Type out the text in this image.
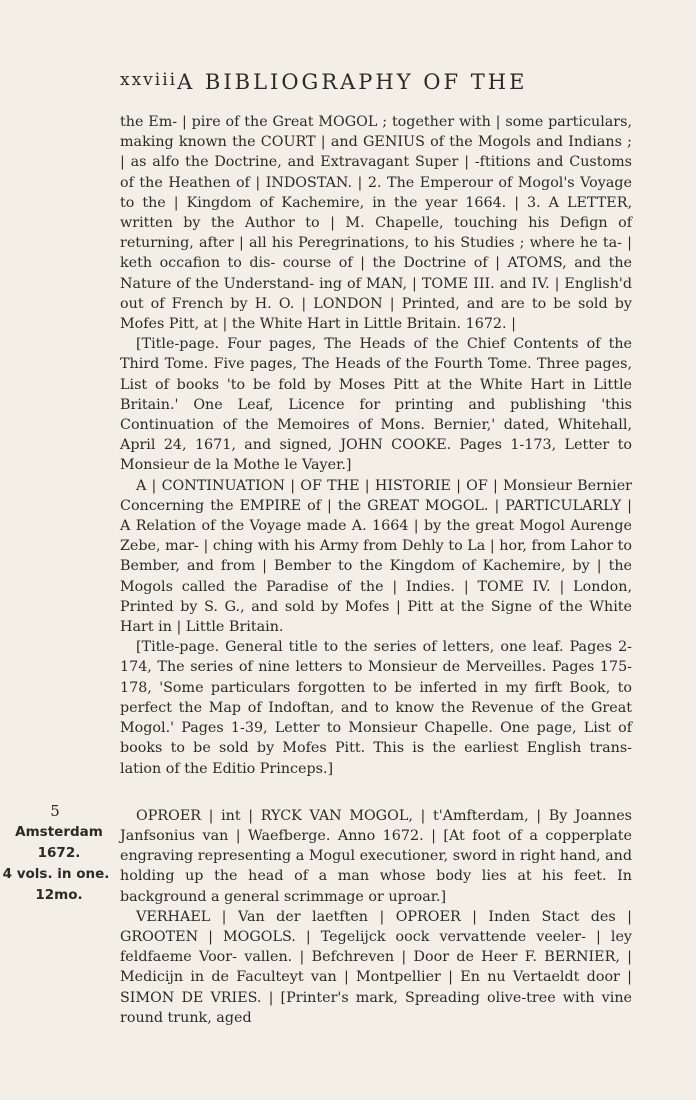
xxviii A BIBLIOGRAPHY OF THE

the Em- | pire of the Great MOGOL ; together with | some particulars, making known the COURT | and GENIUS of the Mogols and Indians ; | as alfo the Doctrine, and Extravagant Super | -ftitions and Customs of the Heathen of | INDOSTAN. | 2. The Emperour of Mogol's Voyage to the | Kingdom of Kachemire, in the year 1664. | 3. A LETTER, written by the Author to | M. Chapelle, touching his Defign of returning, after | all his Peregrinations, to his Studies ; where he ta- | keth occafion to dis- course of | the Doctrine of | ATOMS, and the Nature of the Understand- ing of MAN, | TOME III. and IV. | English'd out of French by H. O. | LONDON | Printed, and are to be sold by Mofes Pitt, at | the White Hart in Little Britain. 1672. |

[Title-page. Four pages, The Heads of the Chief Contents of the Third Tome. Five pages, The Heads of the Fourth Tome. Three pages, List of books 'to be fold by Moses Pitt at the White Hart in Little Britain.' One Leaf, Licence for printing and publishing 'this Continuation of the Memoires of Mons. Bernier,' dated, Whitehall, April 24, 1671, and signed, JOHN COOKE. Pages 1-173, Letter to Monsieur de la Mothe le Vayer.]

A | CONTINUATION | OF THE | HISTORIE | OF | Monsieur Bernier Concerning the EMPIRE of | the GREAT MOGOL. | PARTICULARLY | A Relation of the Voyage made A. 1664 | by the great Mogol Aurenge Zebe, mar- | ching with his Army from Dehly to La | hor, from Lahor to Bember, and from | Bember to the Kingdom of Kachemire, by | the Mogols called the Paradise of the | Indies. | TOME IV. | London, Printed by S. G., and sold by Mofes | Pitt at the Signe of the White Hart in | Little Britain.

[Title-page. General title to the series of letters, one leaf. Pages 2-174, The series of nine letters to Monsieur de Merveilles. Pages 175-178, 'Some particulars forgotten to be inferted in my firft Book, to perfect the Map of Indoftan, and to know the Revenue of the Great Mogol.' Pages 1-39, Letter to Monsieur Chapelle. One page, List of books to be sold by Mofes Pitt. This is the earliest English trans- lation of the Editio Princeps.]

OPROER | int | RYCK VAN MOGOL, | t'Amfterdam, | By Joannes Janfsonius van | Waefberge. Anno 1672. | [At foot of a copperplate engraving representing a Mogul executioner, sword in right hand, and holding up the head of a man whose body lies at his feet. In background a general scrimmage or uproar.]

VERHAEL | Van der laetften | OPROER | Inden Stact des | GROOTEN | MOGOLS. | Tegelijck oock vervattende veeler- | ley feldfaeme Voor- vallen. | Befchreven | Door de Heer F. BERNIER, | Medicijn in de Faculteyt van | Montpellier | En nu Vertaeldt door | SIMON DE VRIES. | [Printer's mark, Spreading olive-tree with vine round trunk, aged

5
Amsterdam
1672.
4 vols. in one.
12mo.
